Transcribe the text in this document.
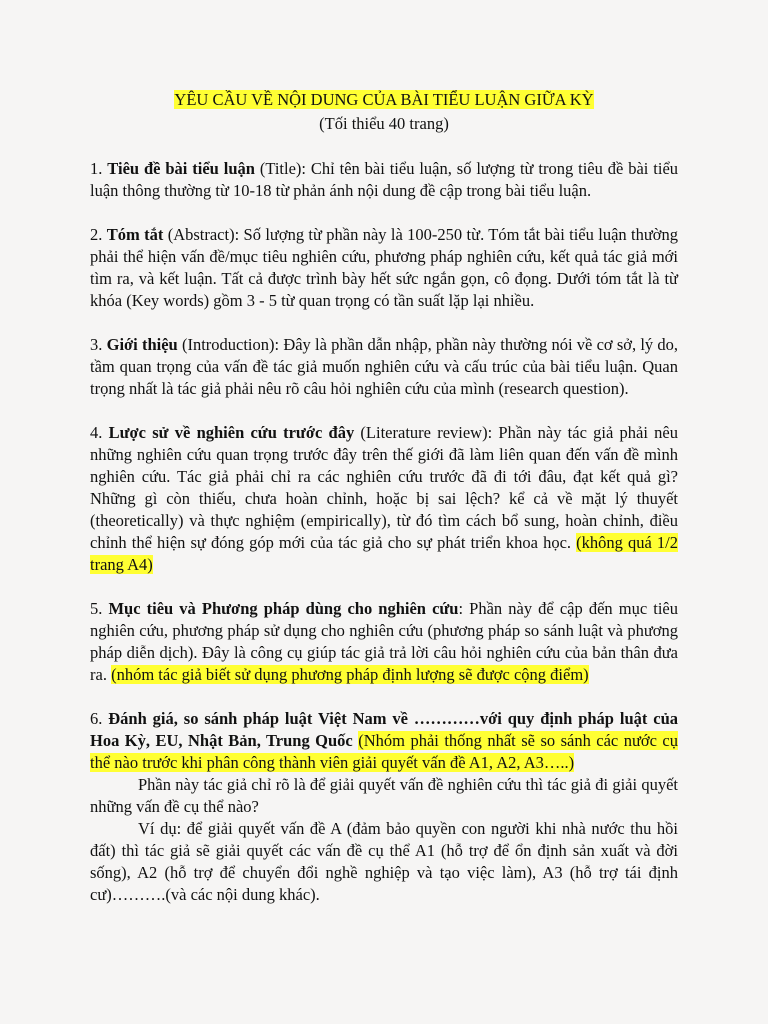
YÊU CẦU VỀ NỘI DUNG CỦA BÀI TIỂU LUẬN GIỮA KỲ
(Tối thiểu 40 trang)
1. Tiêu đề bài tiểu luận (Title): Chỉ tên bài tiểu luận, số lượng từ trong tiêu đề bài tiểu luận thông thường từ 10-18 từ phản ánh nội dung đề cập trong bài tiểu luận.
2. Tóm tắt (Abstract): Số lượng từ phần này là 100-250 từ. Tóm tắt bài tiểu luận thường phải thể hiện vấn đề/mục tiêu nghiên cứu, phương pháp nghiên cứu, kết quả tác giả mới tìm ra, và kết luận. Tất cả được trình bày hết sức ngắn gọn, cô đọng. Dưới tóm tắt là từ khóa (Key words) gồm 3 - 5 từ quan trọng có tần suất lặp lại nhiều.
3. Giới thiệu (Introduction): Đây là phần dẫn nhập, phần này thường nói về cơ sở, lý do, tầm quan trọng của vấn đề tác giả muốn nghiên cứu và cấu trúc của bài tiểu luận. Quan trọng nhất là tác giả phải nêu rõ câu hỏi nghiên cứu của mình (research question).
4. Lược sử về nghiên cứu trước đây (Literature review): Phần này tác giả phải nêu những nghiên cứu quan trọng trước đây trên thế giới đã làm liên quan đến vấn đề mình nghiên cứu. Tác giả phải chỉ ra các nghiên cứu trước đã đi tới đâu, đạt kết quả gì? Những gì còn thiếu, chưa hoàn chỉnh, hoặc bị sai lệch? kể cả về mặt lý thuyết (theoretically) và thực nghiệm (empirically), từ đó tìm cách bổ sung, hoàn chỉnh, điều chỉnh thể hiện sự đóng góp mới của tác giả cho sự phát triển khoa học. (không quá 1/2 trang A4)
5. Mục tiêu và Phương pháp dùng cho nghiên cứu: Phần này để cập đến mục tiêu nghiên cứu, phương pháp sử dụng cho nghiên cứu (phương pháp so sánh luật và phương pháp diễn dịch). Đây là công cụ giúp tác giả trả lời câu hỏi nghiên cứu của bản thân đưa ra. (nhóm tác giả biết sử dụng phương pháp định lượng sẽ được cộng điểm)
6. Đánh giá, so sánh pháp luật Việt Nam về …………với quy định pháp luật của Hoa Kỳ, EU, Nhật Bản, Trung Quốc (Nhóm phải thống nhất sẽ so sánh các nước cụ thể nào trước khi phân công thành viên giải quyết vấn đề A1, A2, A3…..)
Phần này tác giả chỉ rõ là để giải quyết vấn đề nghiên cứu thì tác giả đi giải quyết những vấn đề cụ thể nào?
Ví dụ: để giải quyết vấn đề A (đảm bảo quyền con người khi nhà nước thu hồi đất) thì tác giả sẽ giải quyết các vấn đề cụ thể A1 (hỗ trợ để ổn định sản xuất và đời sống), A2 (hỗ trợ để chuyển đổi nghề nghiệp và tạo việc làm), A3 (hỗ trợ tái định cư)……….(và các nội dung khác).
